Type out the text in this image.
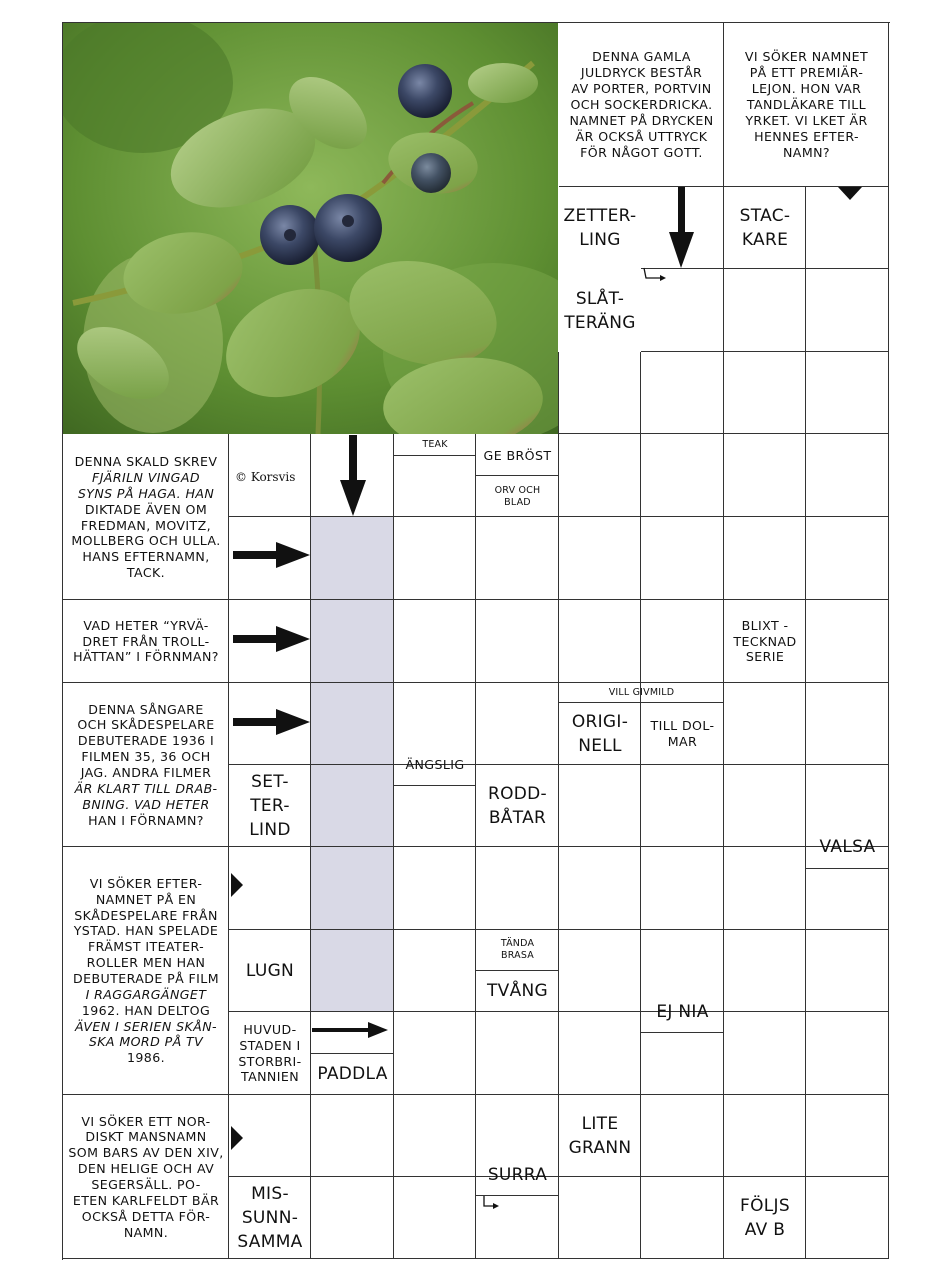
DENNA GAMLA
JULDRYCK BESTÅR
AV PORTER, PORTVIN
OCH SOCKERDRICKA.
NAMNET PÅ DRYCKEN
ÄR OCKSÅ UTTRYCK
FÖR NÅGOT GOTT.
VI SÖKER NAMNET
PÅ ETT PREMIÄR-
LEJON. HON VAR
TANDLÄKARE TILL
YRKET. VI LKET ÄR
HENNES EFTER-
NAMN?
ZETTER-
LING
STAC-
KARE
SLÅT-
TERÄNG
DENNA SKALD SKREV
FJÄRILN VINGAD
SYNS PÅ HAGA. HAN
DIKTADE ÄVEN OM
FREDMAN, MOVITZ,
MOLLBERG OCH ULLA.
HANS EFTERNAMN,
TACK.
TEAK
GE BRÖST
ORV OCH
BLAD
VAD HETER “YRVÄ-
DRET FRÅN TROLL-
HÄTTAN” I FÖRNMAN?
BLIXT -
TECKNAD
SERIE
DENNA SÅNGARE
OCH SKÅDESPELARE
DEBUTERADE 1936 I
FILMEN 35, 36 OCH
JAG. ANDRA FILMER
ÄR KLART TILL DRAB-
BNING. VAD HETER
HAN I FÖRNAMN?
VILL GIVMILD
ORIGI-
NELL
TILL DOL-
MAR
ÄNGSLIG
SET-
TER-
LIND
RODD-
BÅTAR
VALSA
VI SÖKER EFTER-
NAMNET PÅ EN
SKÅDESPELARE FRÅN
YSTAD. HAN SPELADE
FRÄMST ITEATER-
ROLLER MEN HAN
DEBUTERADE PÅ FILM
I RAGGARGÄNGET
1962. HAN DELTOG
ÄVEN I SERIEN SKÅN-
SKA MORD PÅ TV
1986.
TÄNDA
BRASA
LUGN
TVÅNG
EJ NIA
HUVUD-
STADEN I
STORBRI-
TANNIEN PADDLA
VI SÖKER ETT NOR-
DISKT MANSNAMN
SOM BARS AV DEN XIV,
DEN HELIGE OCH AV
SEGERSÄLL. PO-
ETEN KARLFELDT BÄR
OCKSÅ DETTA FÖR-
NAMN.
LITE
GRANN
SURRA
MIS-
SUNN-
SAMMA
FÖLJS
AV B
© Korsvis
